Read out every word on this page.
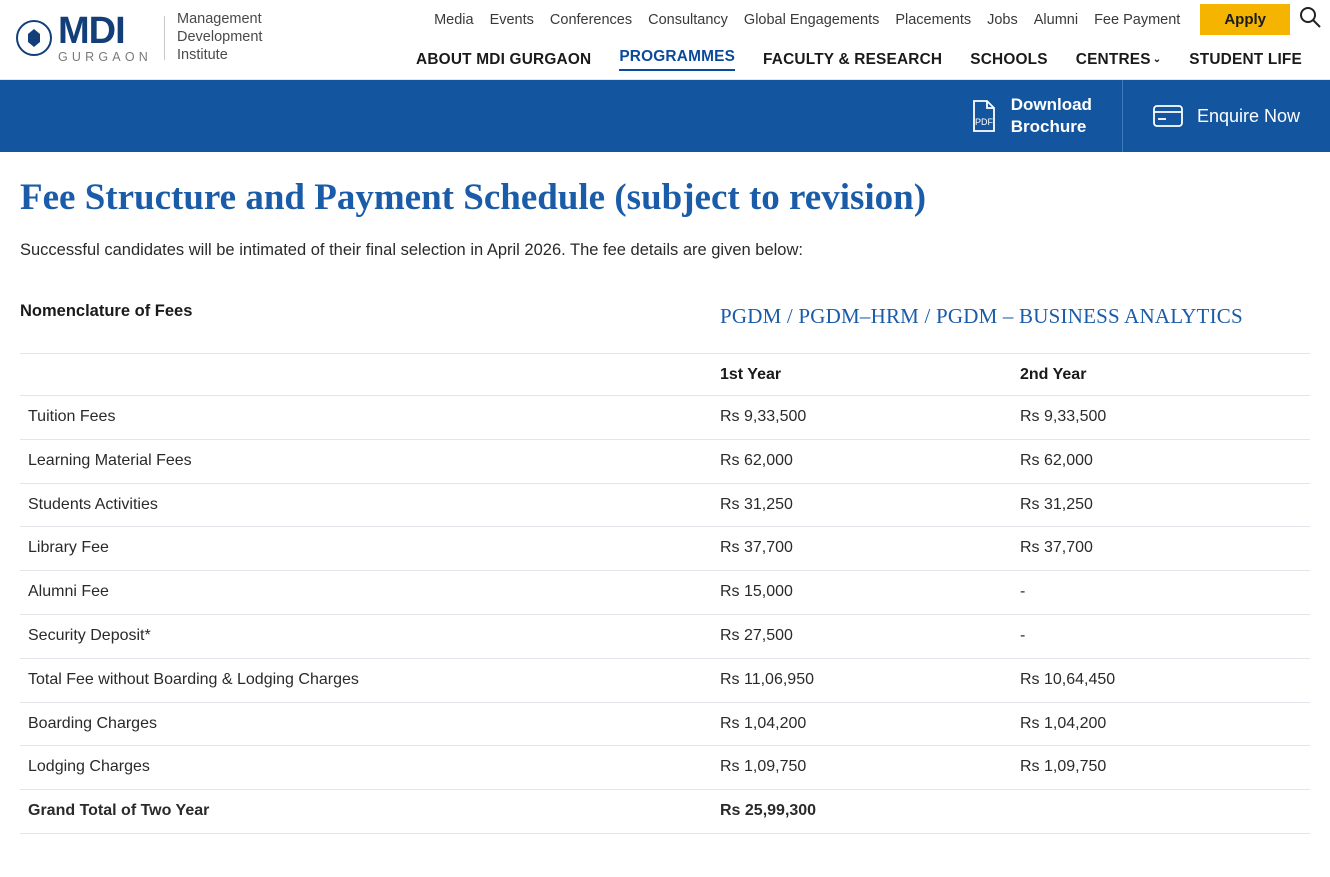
MDI
GURGAON
Management Development Institute
Media Events Conferences Consultancy Global Engagements Placements Jobs Alumni Fee Payment	Apply
ABOUT MDI GURGAON PROGRAMMES FACULTY & RESEARCH SCHOOLS CENTRES ⌄ STUDENT LIFE
PDF
Download
Brochure
Enquire Now
Fee Structure and Payment Schedule (subject to revision)

Successful candidates will be intimated of their final selection in April 2026. The fee details are given below:

Nomenclature of Fees	PGDM / PGDM–HRM / PGDM – BUSINESS ANALYTICS	
	1st Year	2nd Year
Tuition Fees	Rs 9,33,500	Rs 9,33,500
Learning Material Fees	Rs 62,000	Rs 62,000
Students Activities	Rs 31,250	Rs 31,250
Library Fee	Rs 37,700	Rs 37,700
Alumni Fee	Rs 15,000	-
Security Deposit*	Rs 27,500	-
Total Fee without Boarding & Lodging Charges	Rs 11,06,950	Rs 10,64,450
Boarding Charges	Rs 1,04,200	Rs 1,04,200
Lodging Charges	Rs 1,09,750	Rs 1,09,750
Grand Total of Two Year	Rs 25,99,300	
